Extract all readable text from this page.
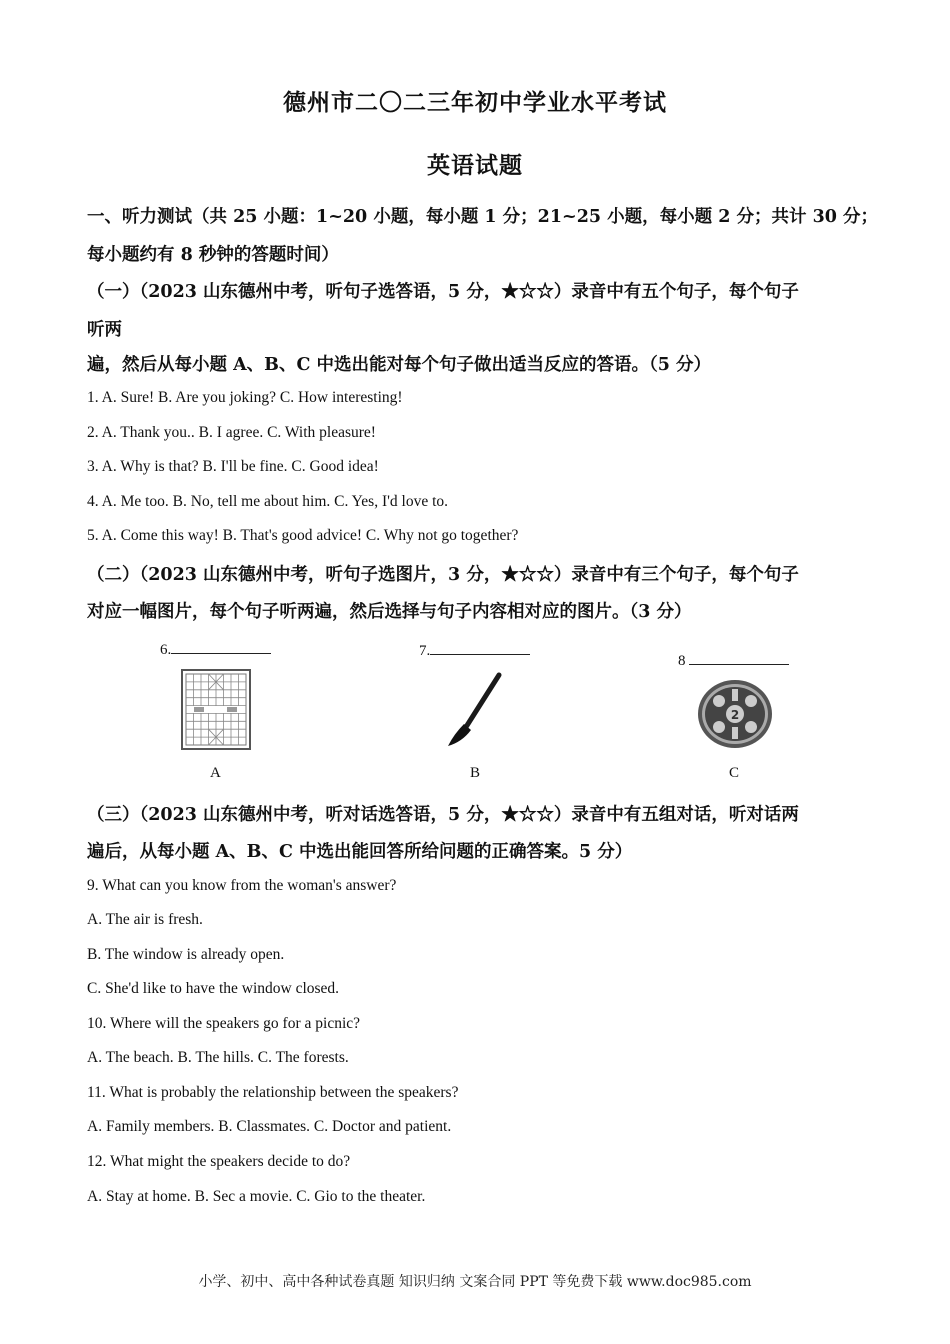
德州市二〇二三年初中学业水平考试
英语试题
一、听力测试（共 25 小题：1~20 小题，每小题 1 分；21~25 小题，每小题 2 分；共计 30 分；
每小题约有 8 秒钟的答题时间）
（一）（2023 山东德州中考，听句子选答语，5 分，★☆☆）录音中有五个句子，每个句子
听两
遍，然后从每小题 A、B、C 中选出能对每个句子做出适当反应的答语。（5 分）
1. A. Sure! B. Are you joking? C. How interesting!
2. A. Thank you.. B. I agree. C. With pleasure!
3. A. Why is that? B. I'll be fine. C. Good idea!
4. A. Me too. B. No, tell me about him. C. Yes, I'd love to.
5. A. Come this way! B. That's good advice! C. Why not go together?
（二）（2023 山东德州中考，听句子选图片，3 分，★☆☆）录音中有三个句子，每个句子
对应一幅图片，每个句子听两遍，然后选择与句子内容相对应的图片。（3 分）
6.	7.
8
2
A	B	C
（三）（2023 山东德州中考，听对话选答语，5 分，★☆☆）录音中有五组对话，听对话两
遍后，从每小题 A、B、C 中选出能回答所给问题的正确答案。5 分）
9. What can you know from the woman's answer?
A. The air is fresh.
B. The window is already open.
C. She'd like to have the window closed.
10. Where will the speakers go for a picnic?
A. The beach. B. The hills. C. The forests.
11. What is probably the relationship between the speakers?
A. Family members. B. Classmates. C. Doctor and patient.
12. What might the speakers decide to do?
A. Stay at home. B. Sec a movie. C. Gio to the theater.
小学、初中、高中各种试卷真题 知识归纳 文案合同 PPT 等免费下载 www.doc985.com
